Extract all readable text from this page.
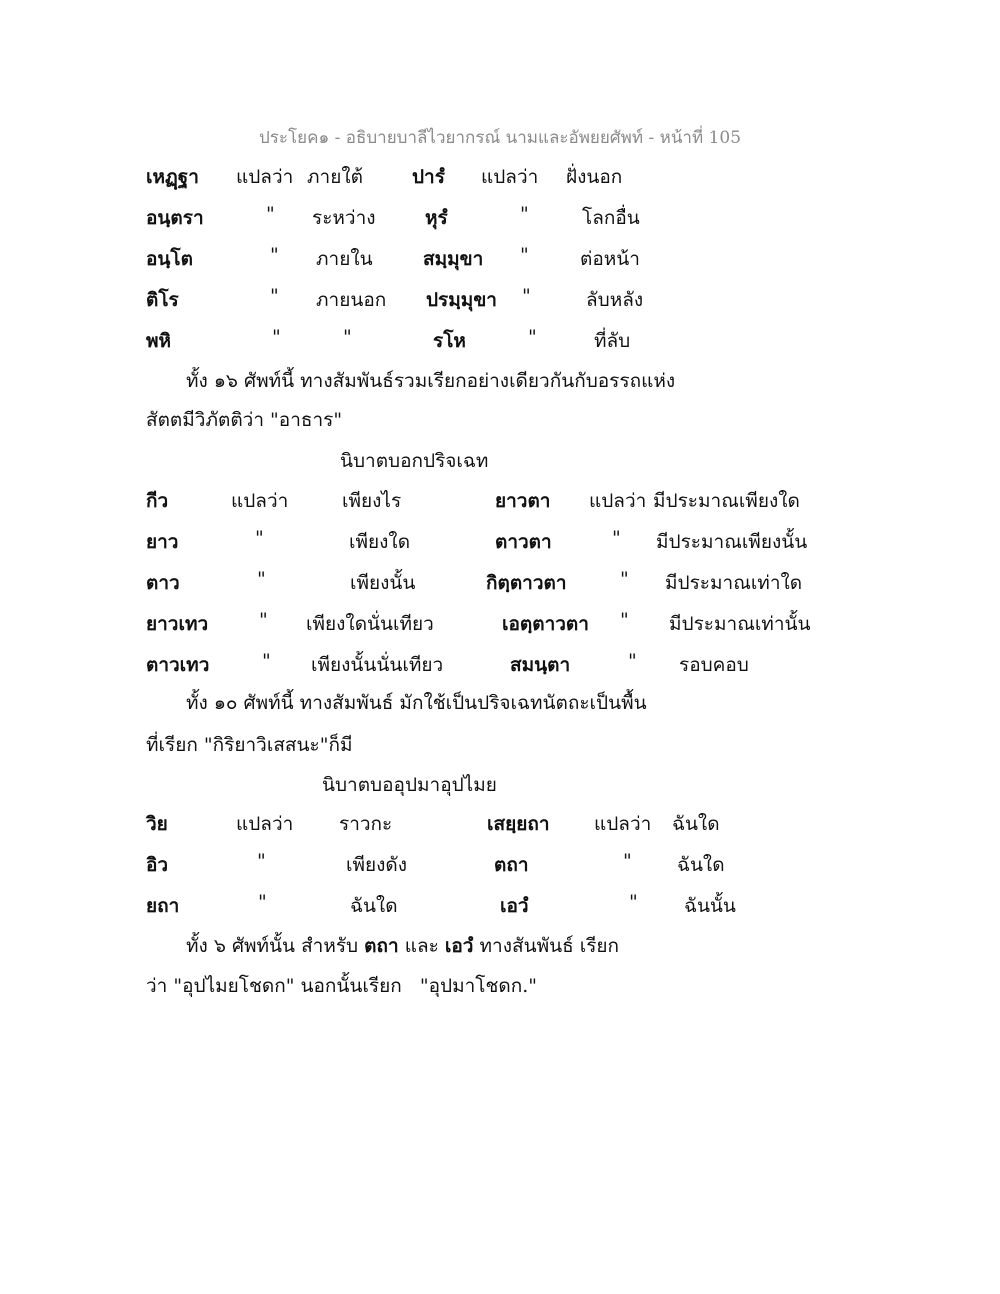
ประโยค๑ - อธิบายบาลีไวยากรณ์ นามและอัพยยศัพท์ - หน้าที่ 105
เหฏฺฐา แปลว่า ภายใต้	ปารํ แปลว่า ฝั่งนอก
อนฺตรา	" ระหว่าง	หุรํ	"	โลกอื่น
อนฺโต	" ภายใน	สมฺมุขา "	ต่อหน้า
ติโร	" ภายนอก ปรมฺมุขา "	ลับหลัง
พหิ	"	"	รโห	"	ที่ลับ
ทั้ง ๑๖ ศัพท์นี้ ทางสัมพันธ์รวมเรียกอย่างเดียวกันกับอรรถแห่ง
สัตตมีวิภัตติว่า "อาธาร"
นิบาตบอกปริจเฉท
กีว	แปลว่า	เพียงไร	ยาวตา แปลว่า มีประมาณเพียงใด
ยาว	"	เพียงใด	ตาวตา	" มีประมาณเพียงนั้น
ตาว	"	เพียงนั้น	กิตฺตาวตา	" มีประมาณเท่าใด
ยาวเทว	" เพียงใดนั่นเทียว	เอตฺตาวตา " มีประมาณเท่านั้น
ตาวเทว	" เพียงนั้นนั่นเทียว	สมนฺตา	" รอบคอบ
ทั้ง ๑๐ ศัพท์นี้ ทางสัมพันธ์ มักใช้เป็นปริจเฉทนัตถะเป็นพื้น
ที่เรียก "กิริยาวิเสสนะ"ก็มี
นิบาตบออุปมาอุปไมย
วิย	แปลว่า ราวกะ	เสยฺยถา แปลว่า ฉันใด
อิว	"	เพียงดัง	ตถา	" ฉันใด
ยถา	"	ฉันใด	เอวํ	" ฉันนั้น
ทั้ง ๖ ศัพท์นั้น สำหรับ ตถา และ เอวํ ทางสันพันธ์ เรียก
ว่า "อุปไมยโชดก" นอกนั้นเรียก   "อุปมาโชดก."
